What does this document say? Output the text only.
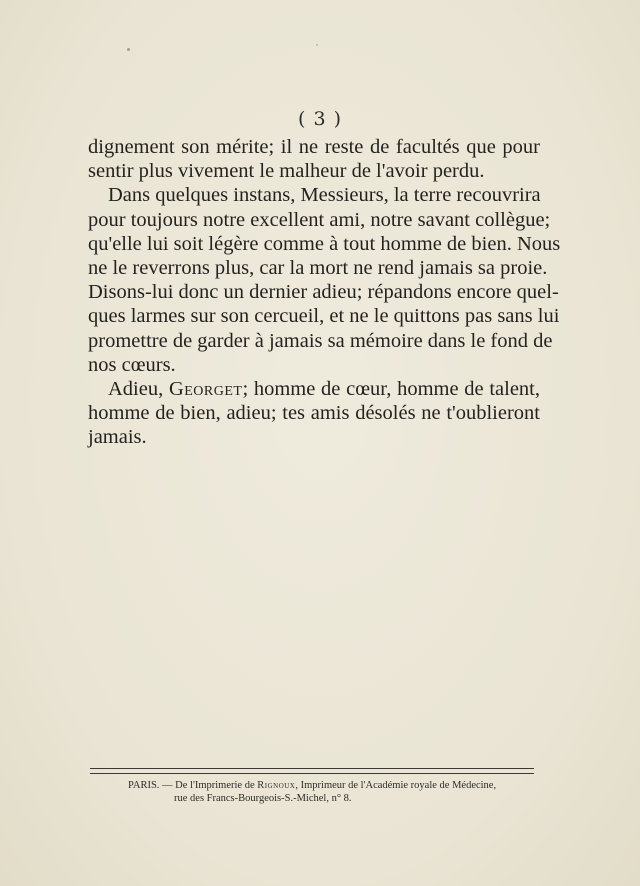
( 3 )
dignement son mérite; il ne reste de facultés que pour
sentir plus vivement le malheur de l'avoir perdu.
Dans quelques instans, Messieurs, la terre recouvrira
pour toujours notre excellent ami, notre savant collègue;
qu'elle lui soit légère comme à tout homme de bien. Nous
ne le reverrons plus, car la mort ne rend jamais sa proie.
Disons-lui donc un dernier adieu; répandons encore quel-
ques larmes sur son cercueil, et ne le quittons pas sans lui
promettre de garder à jamais sa mémoire dans le fond de
nos cœurs.
Adieu, Georget; homme de cœur, homme de talent,
homme de bien, adieu; tes amis désolés ne t'oublieront
jamais.
PARIS. — De l'Imprimerie de Rignoux, Imprimeur de l'Académie royale de Médecine,
rue des Francs-Bourgeois-S.-Michel, n° 8.
